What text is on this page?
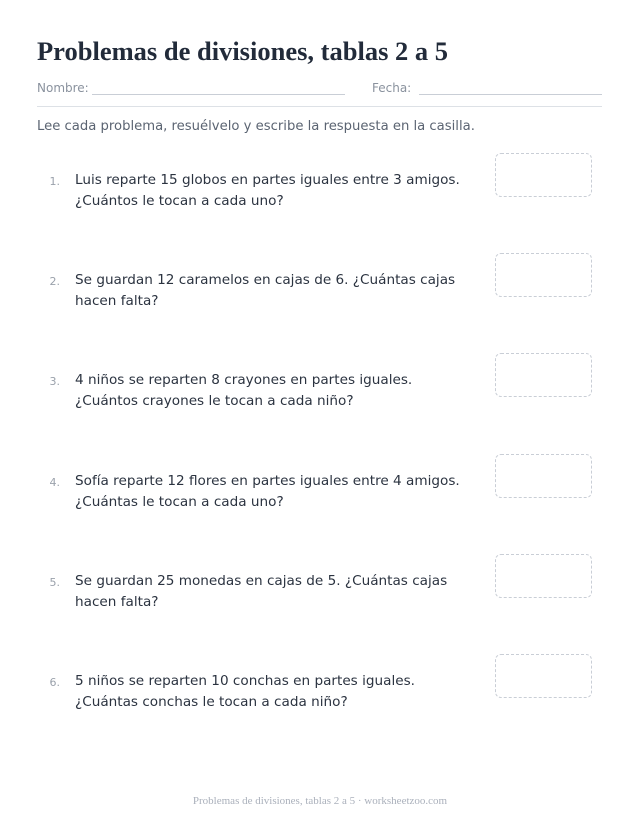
Problemas de divisiones, tablas 2 a 5
Nombre:	Fecha:
Lee cada problema, resuélvelo y escribe la respuesta en la casilla.
1. Luis reparte 15 globos en partes iguales entre 3 amigos. ¿Cuántos le tocan a cada uno?
2. Se guardan 12 caramelos en cajas de 6. ¿Cuántas cajas hacen falta?
3. 4 niños se reparten 8 crayones en partes iguales. ¿Cuántos crayones le tocan a cada niño?
4. Sofía reparte 12 flores en partes iguales entre 4 amigos. ¿Cuántas le tocan a cada uno?
5. Se guardan 25 monedas en cajas de 5. ¿Cuántas cajas hacen falta?
6. 5 niños se reparten 10 conchas en partes iguales. ¿Cuántas conchas le tocan a cada niño?
Problemas de divisiones, tablas 2 a 5 · worksheetzoo.com
